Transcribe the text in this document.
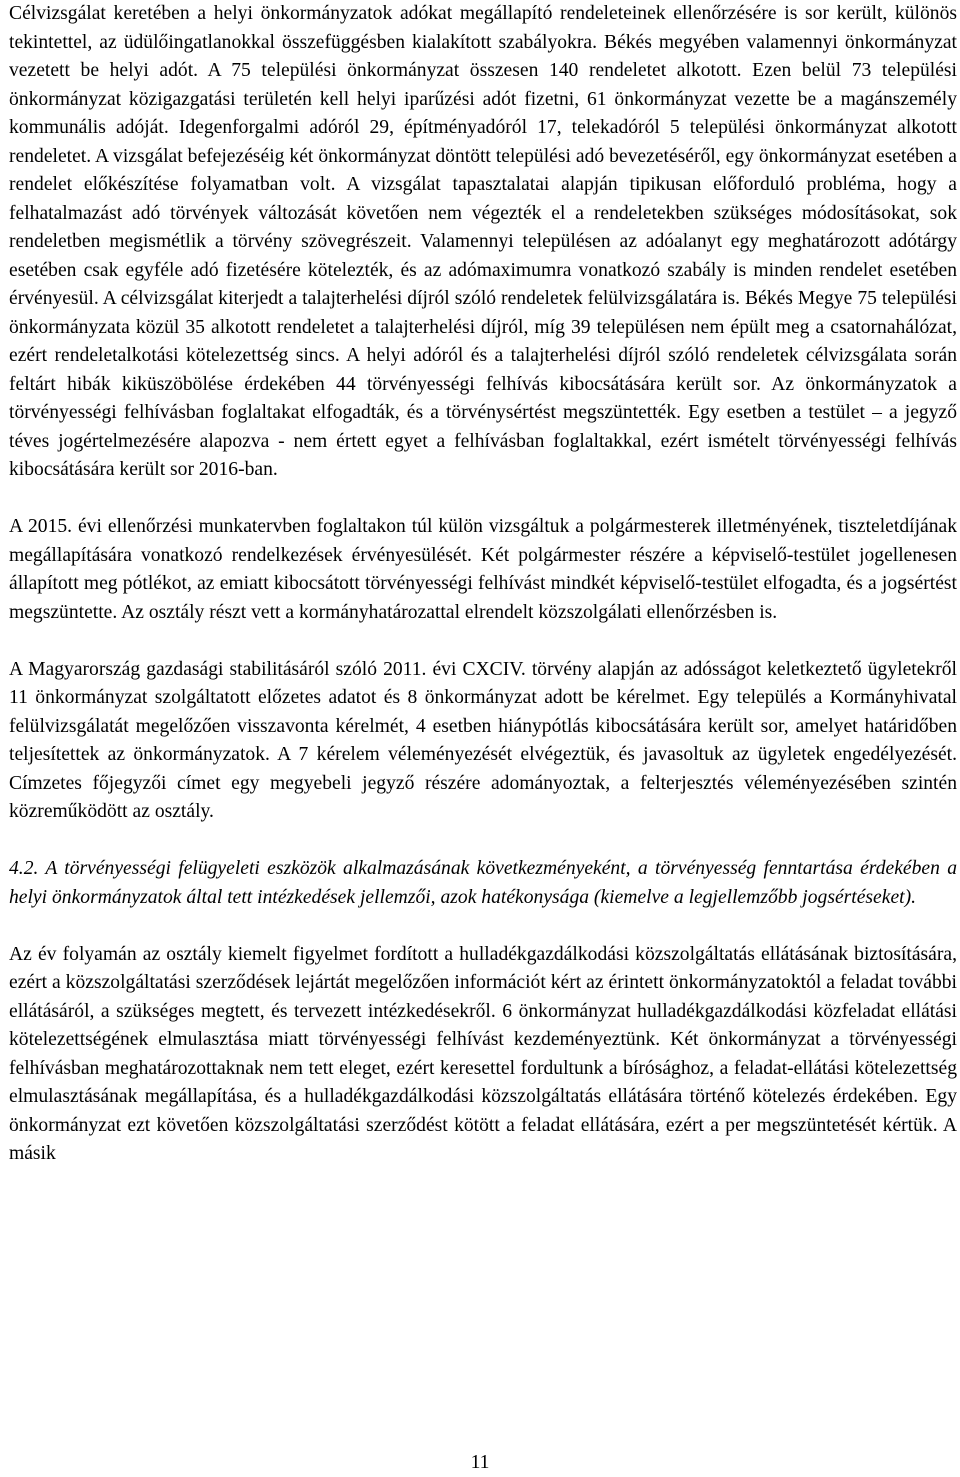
Célvizsgálat keretében a helyi önkormányzatok adókat megállapító rendeleteinek ellenőrzésére is sor került, különös tekintettel, az üdülőingatlanokkal összefüggésben kialakított szabályokra. Békés megyében valamennyi önkormányzat vezetett be helyi adót. A 75 települési önkormányzat összesen 140 rendeletet alkotott. Ezen belül 73 települési önkormányzat közigazgatási területén kell helyi iparűzési adót fizetni, 61 önkormányzat vezette be a magánszemély kommunális adóját. Idegenforgalmi adóról 29, építményadóról 17, telekadóról 5 települési önkormányzat alkotott rendeletet. A vizsgálat befejezéséig két önkormányzat döntött települési adó bevezetéséről, egy önkormányzat esetében a rendelet előkészítése folyamatban volt. A vizsgálat tapasztalatai alapján tipikusan előforduló probléma, hogy a felhatalmazást adó törvények változását követően nem végezték el a rendeletekben szükséges módosításokat, sok rendeletben megismétlik a törvény szövegrészeit. Valamennyi településen az adóalanyt egy meghatározott adótárgy esetében csak egyféle adó fizetésére kötelezték, és az adómaximumra vonatkozó szabály is minden rendelet esetében érvényesül. A célvizsgálat kiterjedt a talajterhelési díjról szóló rendeletek felülvizsgálatára is. Békés Megye 75 települési önkormányzata közül 35 alkotott rendeletet a talajterhelési díjról, míg 39 településen nem épült meg a csatornahálózat, ezért rendeletalkotási kötelezettség sincs. A helyi adóról és a talajterhelési díjról szóló rendeletek célvizsgálata során feltárt hibák kiküszöbölése érdekében 44 törvényességi felhívás kibocsátására került sor. Az önkormányzatok a törvényességi felhívásban foglaltakat elfogadták, és a törvénysértést megszüntették. Egy esetben a testület – a jegyző téves jogértelmezésére alapozva - nem értett egyet a felhívásban foglaltakkal, ezért ismételt törvényességi felhívás kibocsátására került sor 2016-ban.

A 2015. évi ellenőrzési munkatervben foglaltakon túl külön vizsgáltuk a polgármesterek illetményének, tiszteletdíjának megállapítására vonatkozó rendelkezések érvényesülését. Két polgármester részére a képviselő-testület jogellenesen állapított meg pótlékot, az emiatt kibocsátott törvényességi felhívást mindkét képviselő-testület elfogadta, és a jogsértést megszüntette. Az osztály részt vett a kormányhatározattal elrendelt közszolgálati ellenőrzésben is.

A Magyarország gazdasági stabilitásáról szóló 2011. évi CXCIV. törvény alapján az adósságot keletkeztető ügyletekről 11 önkormányzat szolgáltatott előzetes adatot és 8 önkormányzat adott be kérelmet. Egy település a Kormányhivatal felülvizsgálatát megelőzően visszavonta kérelmét, 4 esetben hiánypótlás kibocsátására került sor, amelyet határidőben teljesítettek az önkormányzatok. A 7 kérelem véleményezését elvégeztük, és javasoltuk az ügyletek engedélyezését. Címzetes főjegyzői címet egy megyebeli jegyző részére adományoztak, a felterjesztés véleményezésében szintén közreműködött az osztály.

4.2. A törvényességi felügyeleti eszközök alkalmazásának következményeként, a törvényesség fenntartása érdekében a helyi önkormányzatok által tett intézkedések jellemzői, azok hatékonysága (kiemelve a legjellemzőbb jogsértéseket).

Az év folyamán az osztály kiemelt figyelmet fordított a hulladékgazdálkodási közszolgáltatás ellátásának biztosítására, ezért a közszolgáltatási szerződések lejártát megelőzően információt kért az érintett önkormányzatoktól a feladat további ellátásáról, a szükséges megtett, és tervezett intézkedésekről. 6 önkormányzat hulladékgazdálkodási közfeladat ellátási kötelezettségének elmulasztása miatt törvényességi felhívást kezdeményeztünk. Két önkormányzat a törvényességi felhívásban meghatározottaknak nem tett eleget, ezért keresettel fordultunk a bírósághoz, a feladat-ellátási kötelezettség elmulasztásának megállapítása, és a hulladékgazdálkodási közszolgáltatás ellátására történő kötelezés érdekében. Egy önkormányzat ezt követően közszolgáltatási szerződést kötött a feladat ellátására, ezért a per megszüntetését kértük. A másik

11
